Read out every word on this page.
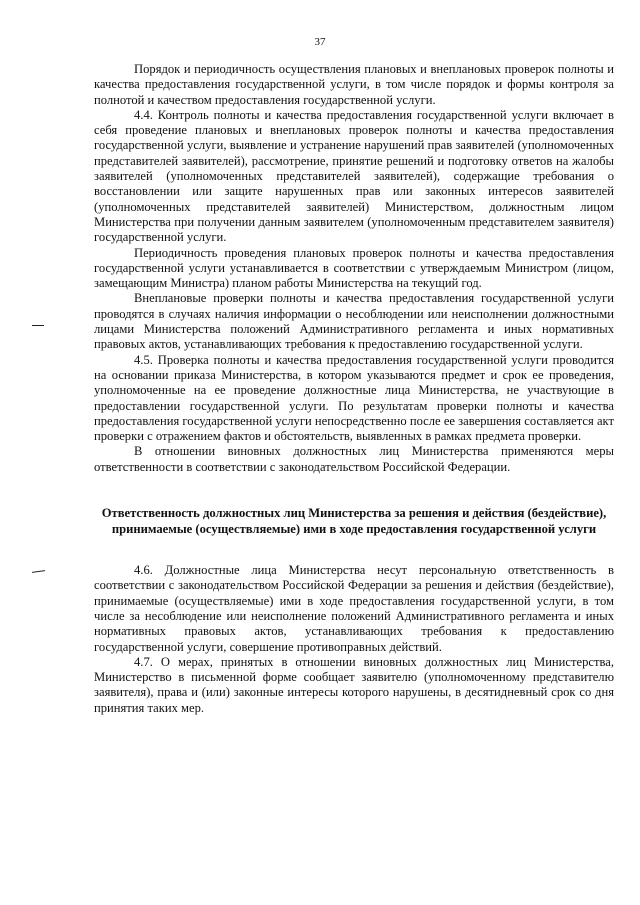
37

Порядок и периодичность осуществления плановых и внеплановых проверок полноты и качества предоставления государственной услуги, в том числе порядок и формы контроля за полнотой и качеством предоставления государственной услуги.

4.4. Контроль полноты и качества предоставления государственной услуги включает в себя проведение плановых и внеплановых проверок полноты и качества предоставления государственной услуги, выявление и устранение нарушений прав заявителей (уполномоченных представителей заявителей), рассмотрение, принятие решений и подготовку ответов на жалобы заявителей (уполномоченных представителей заявителей), содержащие требования о восстановлении или защите нарушенных прав или законных интересов заявителей (уполномоченных представителей заявителей) Министерством, должностным лицом Министерства при получении данным заявителем (уполномоченным представителем заявителя) государственной услуги.

Периодичность проведения плановых проверок полноты и качества предоставления государственной услуги устанавливается в соответствии с утверждаемым Министром (лицом, замещающим Министра) планом работы Министерства на текущий год.

Внеплановые проверки полноты и качества предоставления государственной услуги проводятся в случаях наличия информации о несоблюдении или неисполнении должностными лицами Министерства положений Административного регламента и иных нормативных правовых актов, устанавливающих требования к предоставлению государственной услуги.

4.5. Проверка полноты и качества предоставления государственной услуги проводится на основании приказа Министерства, в котором указываются предмет и срок ее проведения, уполномоченные на ее проведение должностные лица Министерства, не участвующие в предоставлении государственной услуги. По результатам проверки полноты и качества предоставления государственной услуги непосредственно после ее завершения составляется акт проверки с отражением фактов и обстоятельств, выявленных в рамках предмета проверки.

В отношении виновных должностных лиц Министерства применяются меры ответственности в соответствии с законодательством Российской Федерации.

Ответственность должностных лиц Министерства за решения и действия (бездействие), принимаемые (осуществляемые) ими в ходе предоставления государственной услуги

4.6. Должностные лица Министерства несут персональную ответственность в соответствии с законодательством Российской Федерации за решения и действия (бездействие), принимаемые (осуществляемые) ими в ходе предоставления государственной услуги, в том числе за несоблюдение или неисполнение положений Административного регламента и иных нормативных правовых актов, устанавливающих требования к предоставлению государственной услуги, совершение противоправных действий.

4.7. О мерах, принятых в отношении виновных должностных лиц Министерства, Министерство в письменной форме сообщает заявителю (уполномоченному представителю заявителя), права и (или) законные интересы которого нарушены, в десятидневный срок со дня принятия таких мер.
